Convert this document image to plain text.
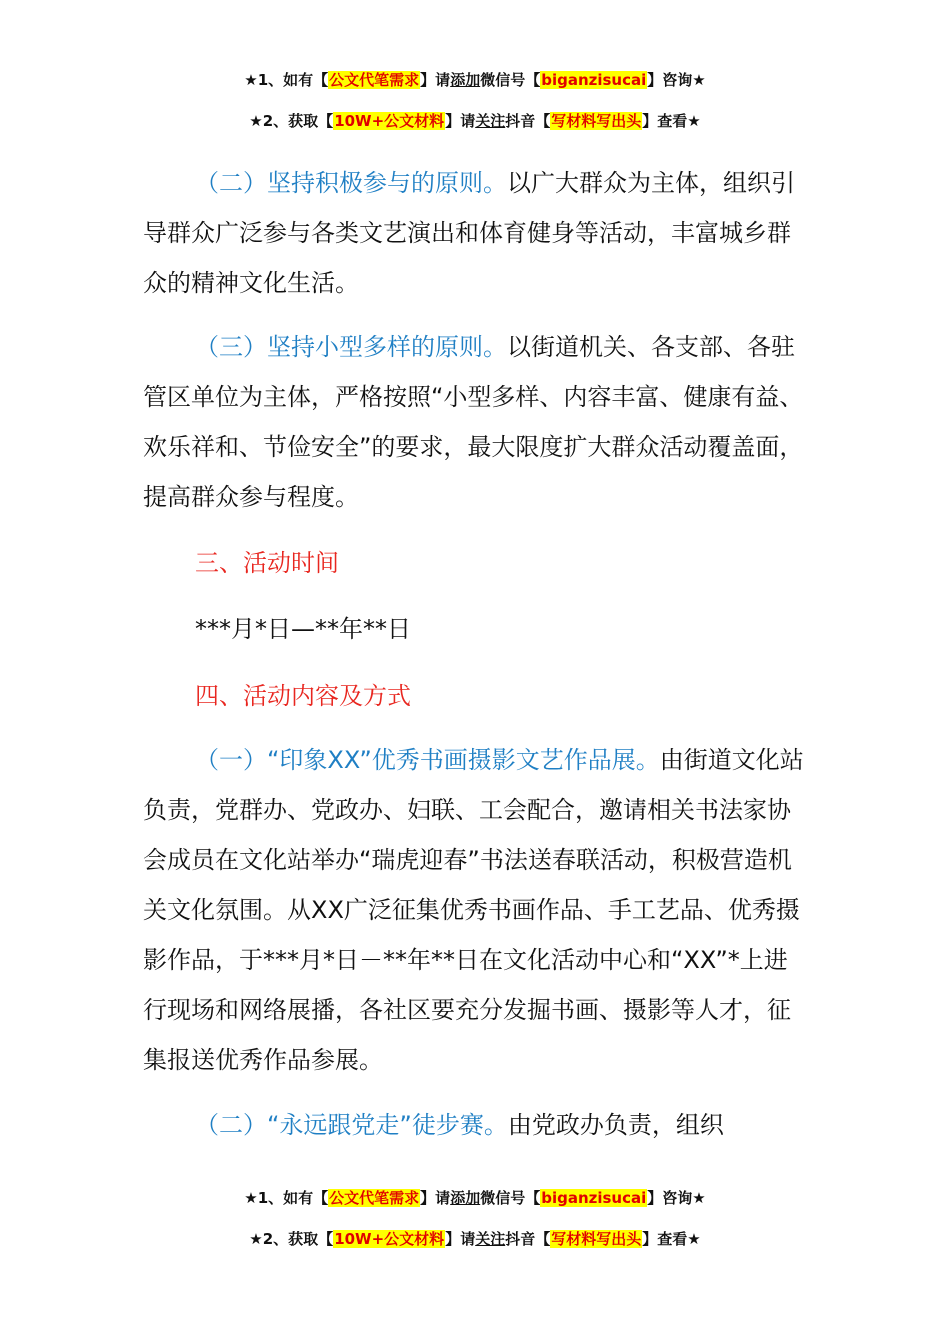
★1、如有【公文代笔需求】请添加微信号【biganzisucai】咨询★
★2、获取【10W+公文材料】请关注抖音【写材料写出头】查看★

（二）坚持积极参与的原则。以广大群众为主体，组织引导群众广泛参与各类文艺演出和体育健身等活动，丰富城乡群众的精神文化生活。

（三）坚持小型多样的原则。以街道机关、各支部、各驻管区单位为主体，严格按照“小型多样、内容丰富、健康有益、欢乐祥和、节俭安全”的要求，最大限度扩大群众活动覆盖面，提高群众参与程度。

三、活动时间
***月*日—**年**日
四、活动内容及方式

（一）“印象XX”优秀书画摄影文艺作品展。由街道文化站负责，党群办、党政办、妇联、工会配合，邀请相关书法家协会成员在文化站举办“瑞虎迎春”书法送春联活动，积极营造机关文化氛围。从XX广泛征集优秀书画作品、手工艺品、优秀摄影作品，于***月*日－**年**日在文化活动中心和“XX”*上进行现场和网络展播，各社区要充分发掘书画、摄影等人才，征集报送优秀作品参展。

（二）“永远跟党走”徒步赛。由党政办负责，组织

★1、如有【公文代笔需求】请添加微信号【biganzisucai】咨询★
★2、获取【10W+公文材料】请关注抖音【写材料写出头】查看★
